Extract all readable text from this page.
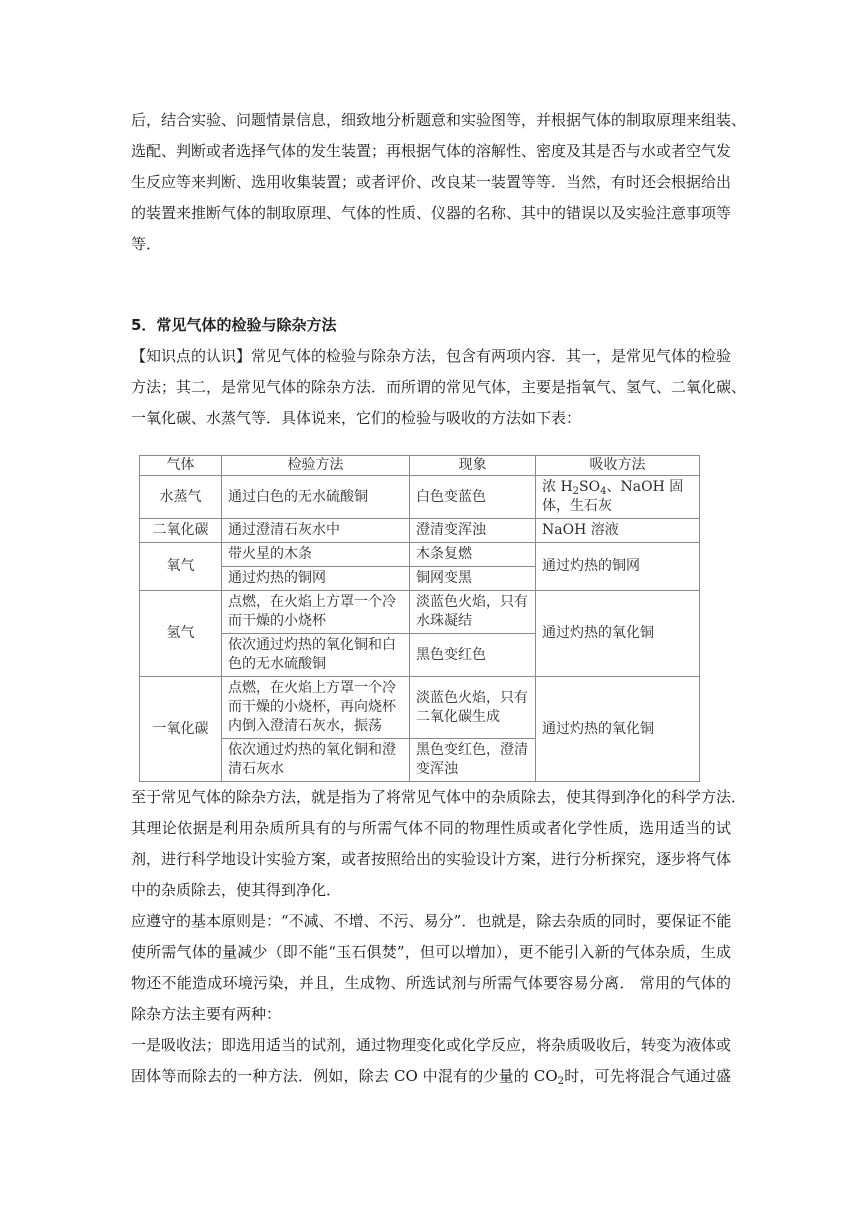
后，结合实验、问题情景信息，细致地分析题意和实验图等，并根据气体的制取原理来组装、
选配、判断或者选择气体的发生装置；再根据气体的溶解性、密度及其是否与水或者空气发
生反应等来判断、选用收集装置；或者评价、改良某一装置等等．当然，有时还会根据给出
的装置来推断气体的制取原理、气体的性质、仪器的名称、其中的错误以及实验注意事项等
等．
5．常见气体的检验与除杂方法
【知识点的认识】常见气体的检验与除杂方法，包含有两项内容．其一，是常见气体的检验
方法；其二，是常见气体的除杂方法．而所谓的常见气体，主要是指氧气、氢气、二氧化碳、
一氧化碳、水蒸气等．具体说来，它们的检验与吸收的方法如下表：
气体	检验方法	现象	吸收方法
水蒸气	通过白色的无水硫酸铜	白色变蓝色	浓 $H_2SO_4$、NaOH 固体，生石灰
二氧化碳	通过澄清石灰水中	澄清变浑浊	NaOH 溶液
氧气	带火星的木条	木条复燃	通过灼热的铜网
	通过灼热的铜网	铜网变黑	
氢气	点燃，在火焰上方罩一个冷而干燥的小烧杯	淡蓝色火焰，只有水珠凝结	通过灼热的氧化铜
	依次通过灼热的氧化铜和白色的无水硫酸铜	黑色变红色	
一氧化碳	点燃，在火焰上方罩一个冷而干燥的小烧杯，再向烧杯内倒入澄清石灰水，振荡	淡蓝色火焰，只有二氧化碳生成	通过灼热的氧化铜
	依次通过灼热的氧化铜和澄清石灰水	黑色变红色，澄清变浑浊	
至于常见气体的除杂方法，就是指为了将常见气体中的杂质除去，使其得到净化的科学方法．
其理论依据是利用杂质所具有的与所需气体不同的物理性质或者化学性质，选用适当的试
剂，进行科学地设计实验方案，或者按照给出的实验设计方案，进行分析探究，逐步将气体
中的杂质除去，使其得到净化．
应遵守的基本原则是：“不减、不增、不污、易分”．也就是，除去杂质的同时，要保证不能
使所需气体的量减少（即不能“玉石俱焚”，但可以增加），更不能引入新的气体杂质，生成
物还不能造成环境污染，并且，生成物、所选试剂与所需气体要容易分离． 常用的气体的
除杂方法主要有两种：
一是吸收法；即选用适当的试剂，通过物理变化或化学反应，将杂质吸收后，转变为液体或
固体等而除去的一种方法．例如，除去 CO 中混有的少量的 $CO_2$时，可先将混合气通过盛
